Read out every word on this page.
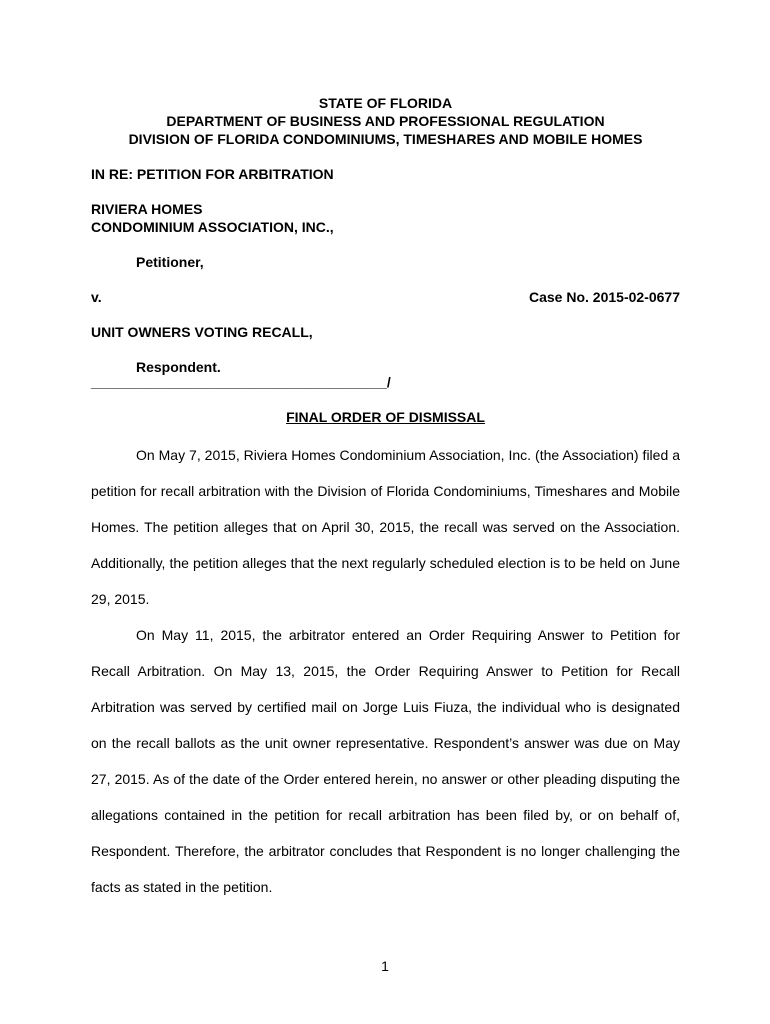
STATE OF FLORIDA
DEPARTMENT OF BUSINESS AND PROFESSIONAL REGULATION
DIVISION OF FLORIDA CONDOMINIUMS, TIMESHARES AND MOBILE HOMES
IN RE: PETITION FOR ARBITRATION
RIVIERA HOMES
CONDOMINIUM ASSOCIATION, INC.,
Petitioner,
v.	Case No. 2015-02-0677
UNIT OWNERS VOTING RECALL,
Respondent.
______________________________________/
FINAL ORDER OF DISMISSAL

On May 7, 2015, Riviera Homes Condominium Association, Inc. (the Association) filed a petition for recall arbitration with the Division of Florida Condominiums, Timeshares and Mobile Homes. The petition alleges that on April 30, 2015, the recall was served on the Association. Additionally, the petition alleges that the next regularly scheduled election is to be held on June 29, 2015.

On May 11, 2015, the arbitrator entered an Order Requiring Answer to Petition for Recall Arbitration. On May 13, 2015, the Order Requiring Answer to Petition for Recall Arbitration was served by certified mail on Jorge Luis Fiuza, the individual who is designated on the recall ballots as the unit owner representative. Respondent’s answer was due on May 27, 2015. As of the date of the Order entered herein, no answer or other pleading disputing the allegations contained in the petition for recall arbitration has been filed by, or on behalf of, Respondent. Therefore, the arbitrator concludes that Respondent is no longer challenging the facts as stated in the petition.

1
